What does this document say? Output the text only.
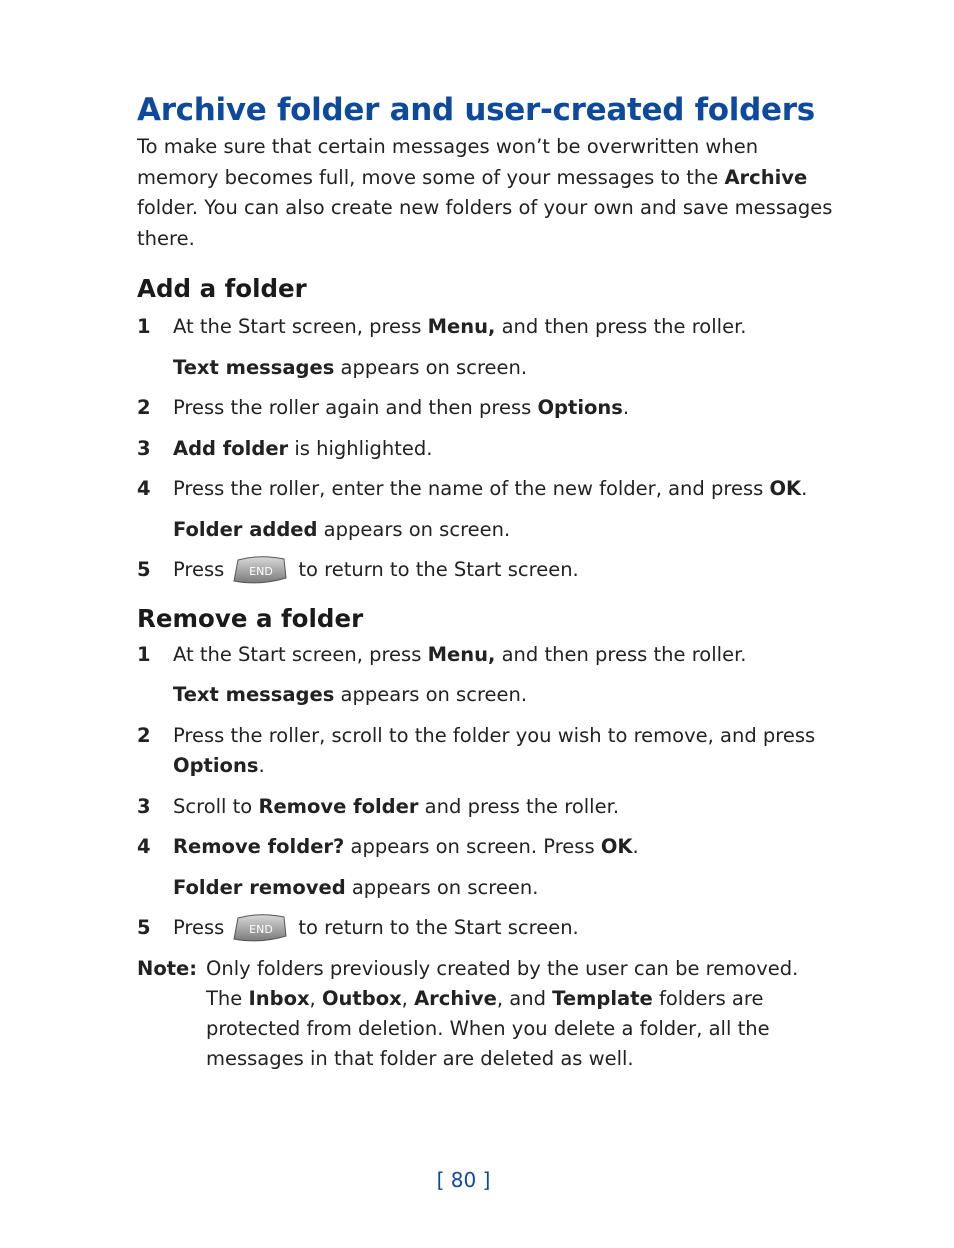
Archive folder and user-created folders

To make sure that certain messages won’t be overwritten when memory becomes full, move some of your messages to the Archive folder. You can also create new folders of your own and save messages there.

Add a folder
1 At the Start screen, press Menu, and then press the roller.
Text messages appears on screen.
2 Press the roller again and then press Options.
3 Add folder is highlighted.
4 Press the roller, enter the name of the new folder, and press OK.
Folder added appears on screen.
5 Press END to return to the Start screen.
Remove a folder
1 At the Start screen, press Menu, and then press the roller.
Text messages appears on screen.
2 Press the roller, scroll to the folder you wish to remove, and press Options.
3 Scroll to Remove folder and press the roller.
4 Remove folder? appears on screen. Press OK.
Folder removed appears on screen.
5 Press END to return to the Start screen.
Note: Only folders previously created by the user can be removed. The Inbox, Outbox, Archive, and Template folders are protected from deletion. When you delete a folder, all the messages in that folder are deleted as well.
[ 80 ]
